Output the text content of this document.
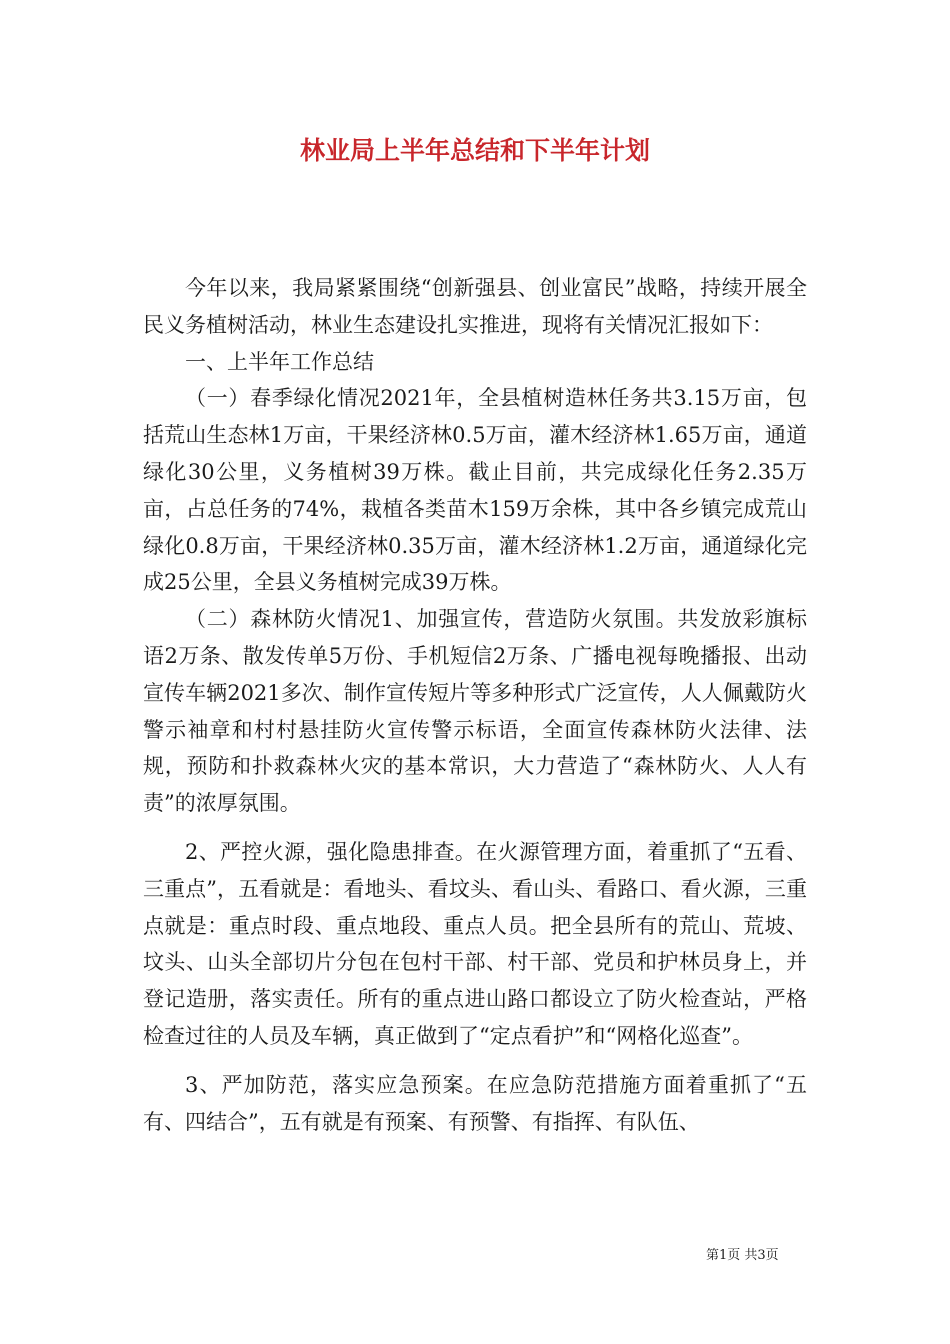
林业局上半年总结和下半年计划

今年以来，我局紧紧围绕“创新强县、创业富民”战略，持续开展全民义务植树活动，林业生态建设扎实推进，现将有关情况汇报如下：

一、上半年工作总结

（一）春季绿化情况2021年，全县植树造林任务共3.15万亩，包括荒山生态林1万亩，干果经济林0.5万亩，灌木经济林1.65万亩，通道绿化30公里，义务植树39万株。截止目前，共完成绿化任务2.35万亩，占总任务的74%，栽植各类苗木159万余株，其中各乡镇完成荒山绿化0.8万亩，干果经济林0.35万亩，灌木经济林1.2万亩，通道绿化完成25公里，全县义务植树完成39万株。

（二）森林防火情况1、加强宣传，营造防火氛围。共发放彩旗标语2万条、散发传单5万份、手机短信2万条、广播电视每晚播报、出动宣传车辆2021多次、制作宣传短片等多种形式广泛宣传，人人佩戴防火警示袖章和村村悬挂防火宣传警示标语，全面宣传森林防火法律、法规，预防和扑救森林火灾的基本常识，大力营造了“森林防火、人人有责”的浓厚氛围。

2、严控火源，强化隐患排查。在火源管理方面，着重抓了“五看、三重点”，五看就是：看地头、看坟头、看山头、看路口、看火源，三重点就是：重点时段、重点地段、重点人员。把全县所有的荒山、荒坡、坟头、山头全部切片分包在包村干部、村干部、党员和护林员身上，并登记造册，落实责任。所有的重点进山路口都设立了防火检查站，严格检查过往的人员及车辆，真正做到了“定点看护”和“网格化巡查”。

3、严加防范，落实应急预案。在应急防范措施方面着重抓了“五有、四结合”，五有就是有预案、有预警、有指挥、有队伍、

第1页 共3页
